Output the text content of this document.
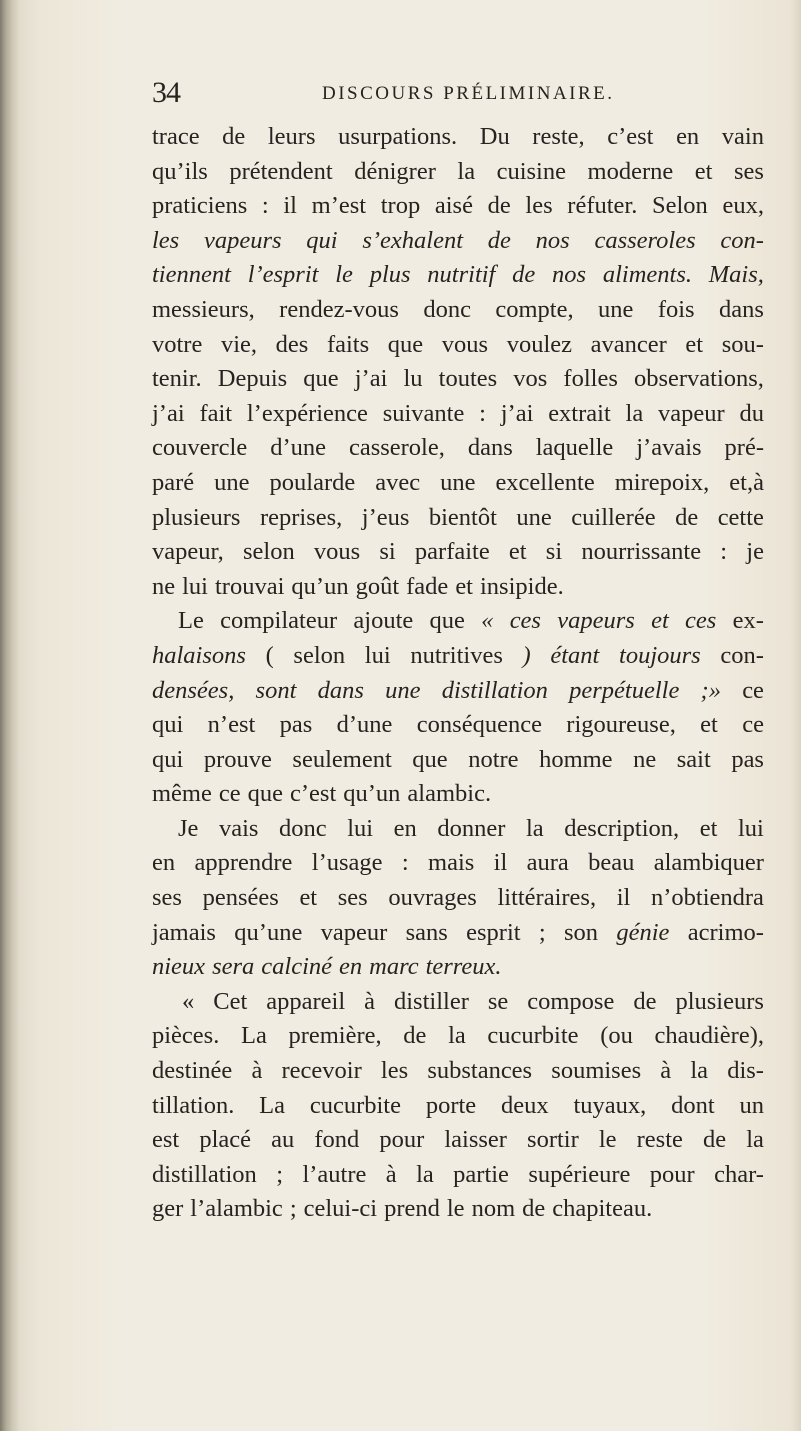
34	DISCOURS PRÉLIMINAIRE.
trace de leurs usurpations. Du reste, c’est en vain
qu’ils prétendent dénigrer la cuisine moderne et ses
praticiens : il m’est trop aisé de les réfuter. Selon eux,
les vapeurs qui s’exhalent de nos casseroles con-
tiennent l’esprit le plus nutritif de nos aliments. Mais,
messieurs, rendez-vous donc compte, une fois dans
votre vie, des faits que vous voulez avancer et sou-
tenir. Depuis que j’ai lu toutes vos folles observations,
j’ai fait l’expérience suivante : j’ai extrait la vapeur du
couvercle d’une casserole, dans laquelle j’avais pré-
paré une poularde avec une excellente mirepoix, et,à
plusieurs reprises, j’eus bientôt une cuillerée de cette
vapeur, selon vous si parfaite et si nourrissante : je
ne lui trouvai qu’un goût fade et insipide.
Le compilateur ajoute que « ces vapeurs et ces ex-
halaisons ( selon lui nutritives ) étant toujours con-
densées, sont dans une distillation perpétuelle ;» ce
qui n’est pas d’une conséquence rigoureuse, et ce
qui prouve seulement que notre homme ne sait pas
même ce que c’est qu’un alambic.
Je vais donc lui en donner la description, et lui
en apprendre l’usage : mais il aura beau alambiquer
ses pensées et ses ouvrages littéraires, il n’obtiendra
jamais qu’une vapeur sans esprit ; son génie acrimo-
nieux sera calciné en marc terreux.
« Cet appareil à distiller se compose de plusieurs
pièces. La première, de la cucurbite (ou chaudière),
destinée à recevoir les substances soumises à la dis-
tillation. La cucurbite porte deux tuyaux, dont un
est placé au fond pour laisser sortir le reste de la
distillation ; l’autre à la partie supérieure pour char-
ger l’alambic ; celui-ci prend le nom de chapiteau.
